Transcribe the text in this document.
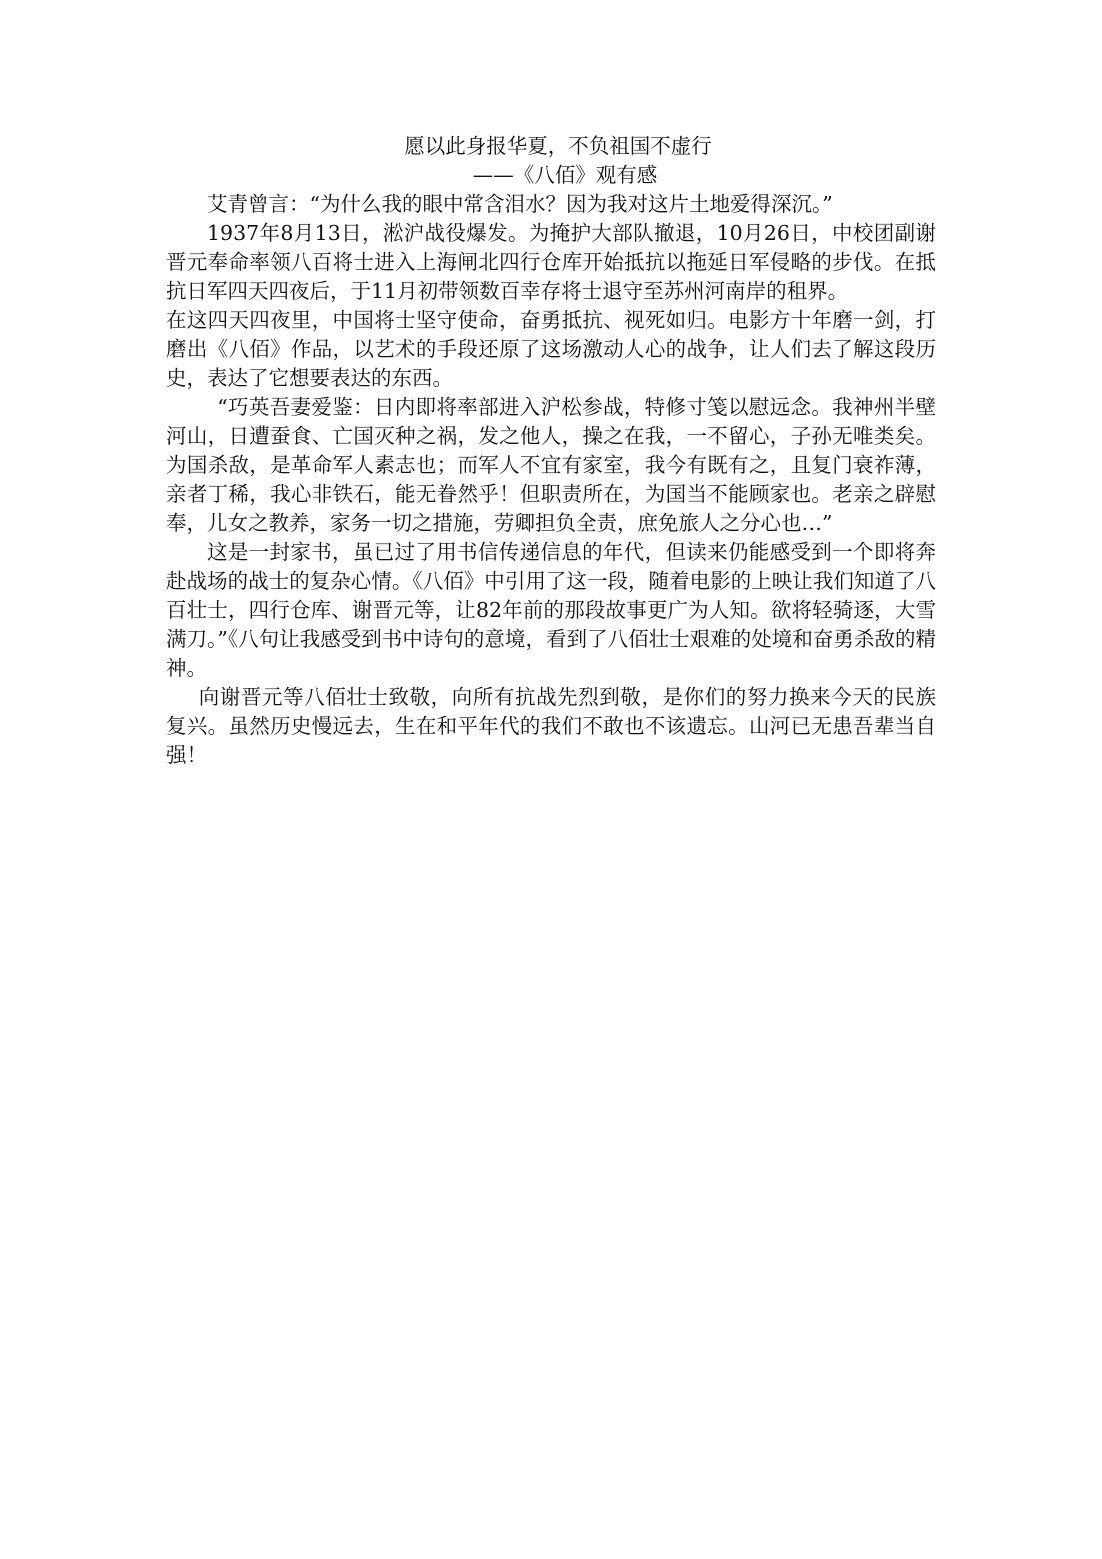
愿以此身报华夏，不负祖国不虚行
——《八佰》观有感

艾青曾言：“为什么我的眼中常含泪水？因为我对这片土地爱得深沉。”

1937年8月13日，淞沪战役爆发。为掩护大部队撤退，10月26日，中校团副谢晋元奉命率领八百将士进入上海闸北四行仓库开始抵抗以拖延日军侵略的步伐。在抵抗日军四天四夜后，于11月初带领数百幸存将士退守至苏州河南岸的租界。

在这四天四夜里，中国将士坚守使命，奋勇抵抗、视死如归。电影方十年磨一剑，打磨出《八佰》作品，以艺术的手段还原了这场激动人心的战争，让人们去了解这段历史，表达了它想要表达的东西。

“巧英吾妻爱鉴：日内即将率部进入沪松参战，特修寸笺以慰远念。我神州半壁河山，日遭蚕食、亡国灭种之祸，发之他人，操之在我，一不留心，子孙无唯类矣。为国杀敌，是革命军人素志也；而军人不宜有家室，我今有既有之，且复门衰祚薄，亲者丁稀，我心非铁石，能无眷然乎！但职责所在，为国当不能顾家也。老亲之辟慰奉，儿女之教养，家务一切之措施，劳卿担负全责，庶免旅人之分心也…”

这是一封家书，虽已过了用书信传递信息的年代，但读来仍能感受到一个即将奔赴战场的战士的复杂心情。《八佰》中引用了这一段，随着电影的上映让我们知道了八百壮士，四行仓库、谢晋元等，让82年前的那段故事更广为人知。欲将轻骑逐，大雪满刀。”《八句让我感受到书中诗句的意境，看到了八佰壮士艰难的处境和奋勇杀敌的精神。

向谢晋元等八佰壮士致敬，向所有抗战先烈到敬，是你们的努力换来今天的民族复兴。虽然历史慢远去，生在和平年代的我们不敢也不该遗忘。山河已无患吾辈当自强！
